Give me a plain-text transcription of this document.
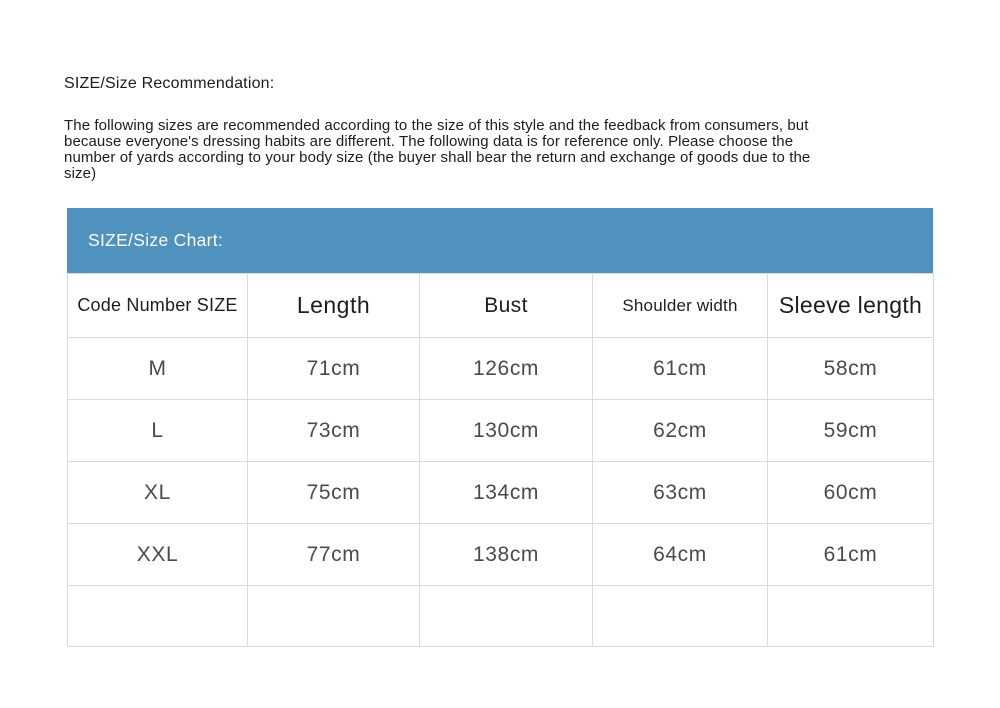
SIZE/Size Recommendation:
The following sizes are recommended according to the size of this style and the feedback from consumers, but
because everyone's dressing habits are different. The following data is for reference only. Please choose the
number of yards according to your body size (the buyer shall bear the return and exchange of goods due to the
size)
SIZE/Size Chart:
Code Number SIZE	Length	Bust	Shoulder width	Sleeve length
M	71cm	126cm	61cm	58cm
L	73cm	130cm	62cm	59cm
XL	75cm	134cm	63cm	60cm
XXL	77cm	138cm	64cm	61cm
